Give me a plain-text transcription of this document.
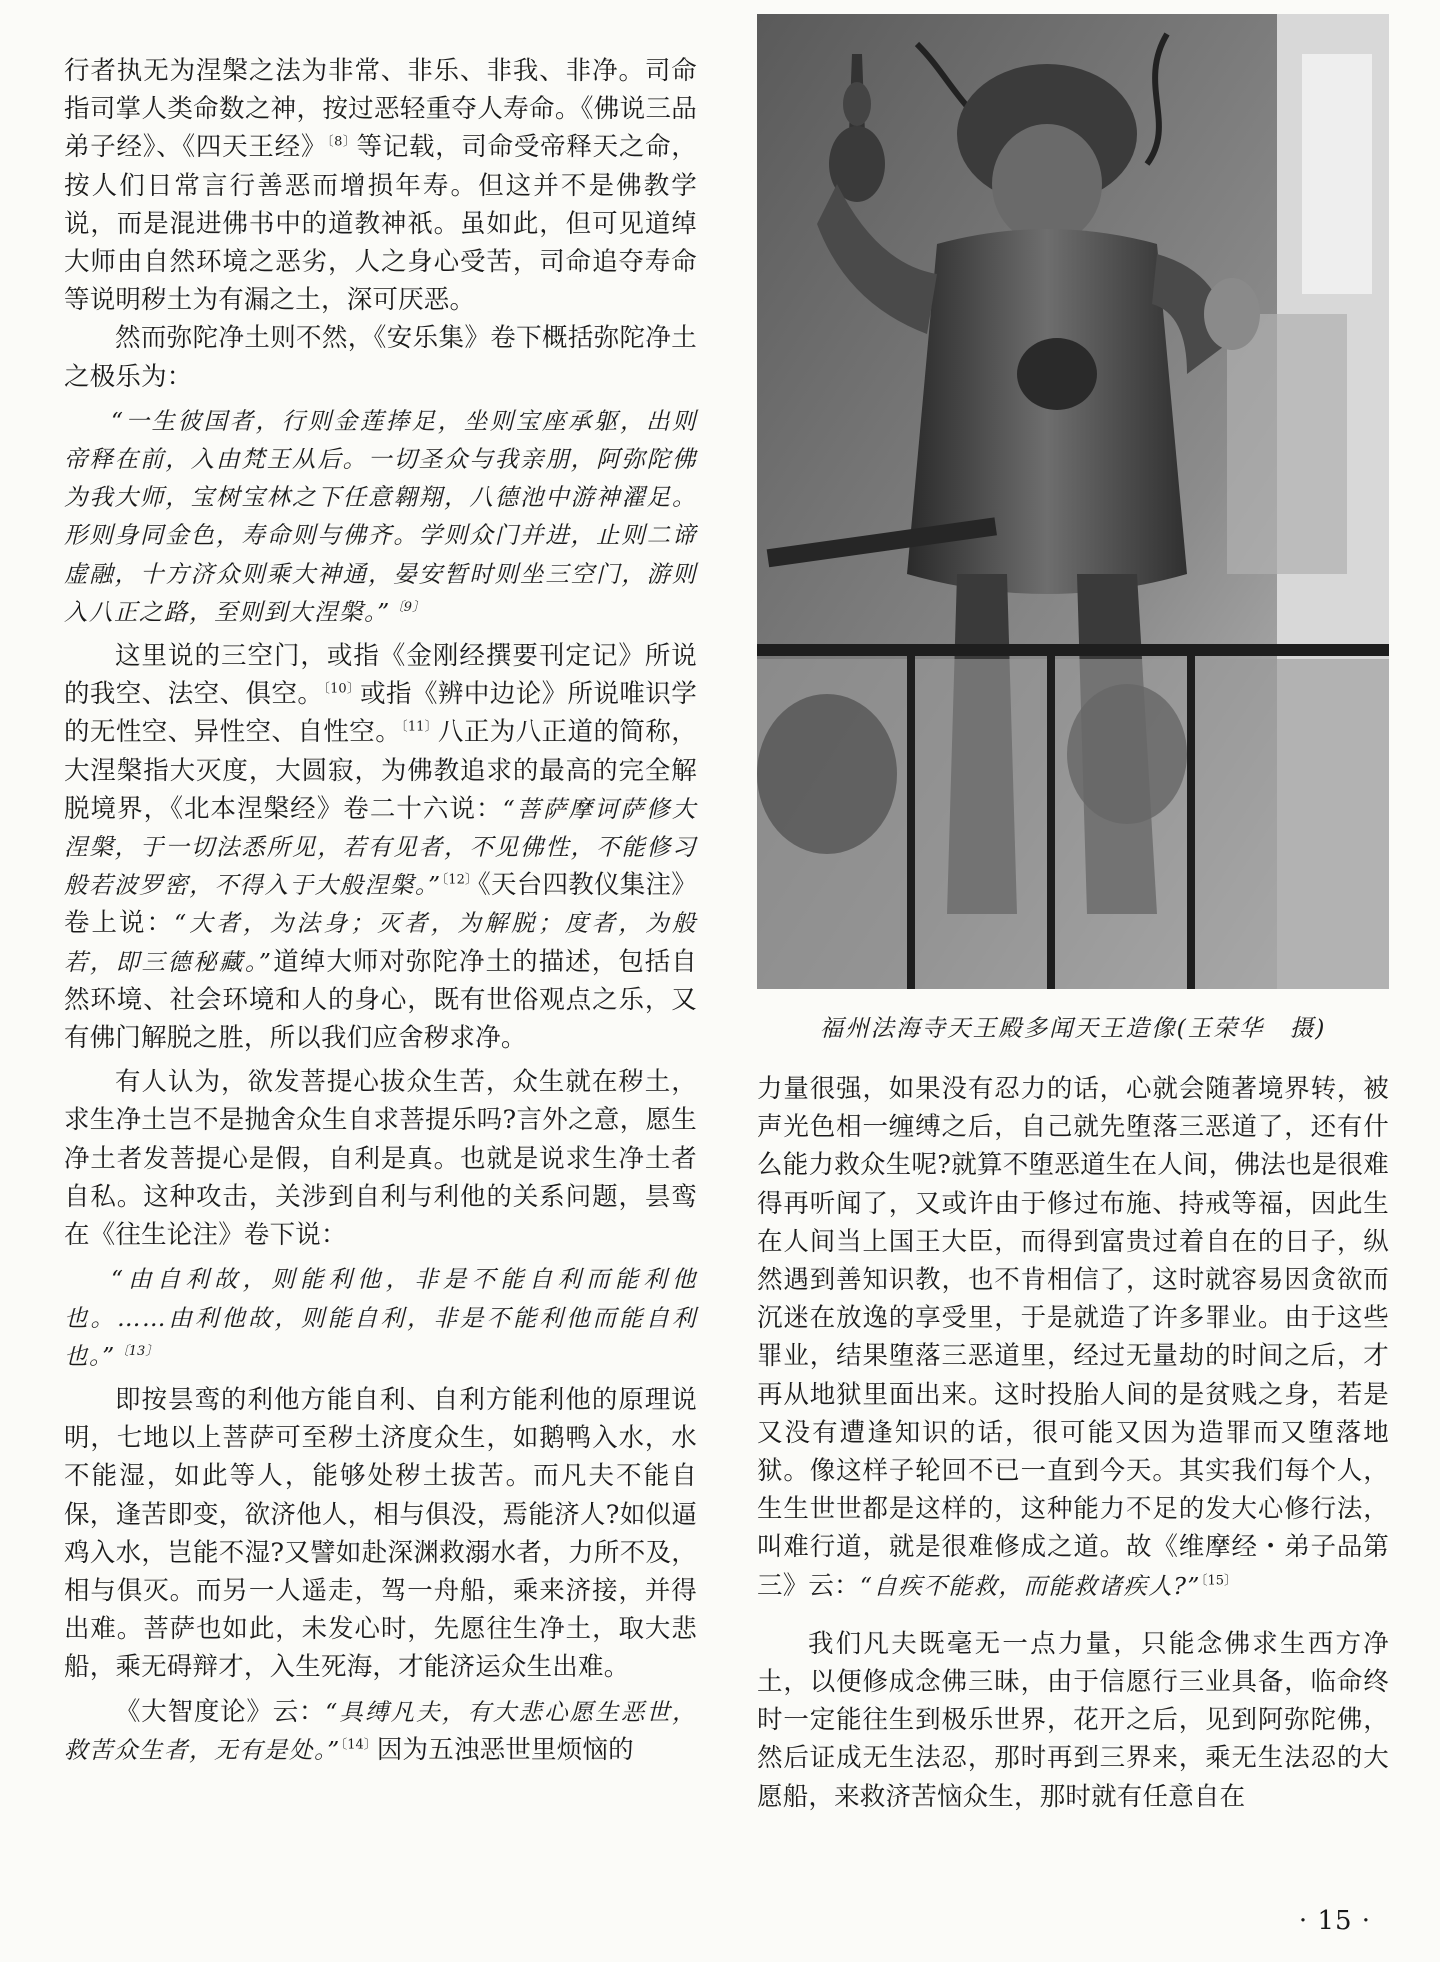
行者执无为涅槃之法为非常、非乐、非我、非净。司命指司掌人类命数之神，按过恶轻重夺人寿命。《佛说三品弟子经》、《四天王经》$^{〔8〕}$等记载，司命受帝释天之命，按人们日常言行善恶而增损年寿。但这并不是佛教学说，而是混进佛书中的道教神祇。虽如此，但可见道绰大师由自然环境之恶劣，人之身心受苦，司命追夺寿命等说明秽土为有漏之土，深可厌恶。

然而弥陀净土则不然，《安乐集》卷下概括弥陀净土之极乐为：

“一生彼国者，行则金莲捧足，坐则宝座承躯，出则帝释在前，入由梵王从后。一切圣众与我亲朋，阿弥陀佛为我大师，宝树宝林之下任意翱翔，八德池中游神濯足。形则身同金色，寿命则与佛齐。学则众门并进，止则二谛虚融，十方济众则乘大神通，晏安暂时则坐三空门，游则入八正之路，至则到大涅槃。”$^{〔9〕}$

这里说的三空门，或指《金刚经撰要刊定记》所说的我空、法空、俱空。$^{〔10〕}$或指《辨中边论》所说唯识学的无性空、异性空、自性空。$^{〔11〕}$八正为八正道的简称，大涅槃指大灭度，大圆寂，为佛教追求的最高的完全解脱境界，《北本涅槃经》卷二十六说：“菩萨摩诃萨修大涅槃，于一切法悉所见，若有见者，不见佛性，不能修习般若波罗密，不得入于大般涅槃。”$^{〔12〕}$《天台四教仪集注》卷上说：“大者，为法身；灭者，为解脱；度者，为般若，即三德秘藏。”道绰大师对弥陀净土的描述，包括自然环境、社会环境和人的身心，既有世俗观点之乐，又有佛门解脱之胜，所以我们应舍秽求净。

有人认为，欲发菩提心拔众生苦，众生就在秽土，求生净土岂不是抛舍众生自求菩提乐吗?言外之意，愿生净土者发菩提心是假，自利是真。也就是说求生净土者自私。这种攻击，关涉到自利与利他的关系问题，昙鸾在《往生论注》卷下说：

“由自利故，则能利他，非是不能自利而能利他也。……由利他故，则能自利，非是不能利他而能自利也。”$^{〔13〕}$

即按昙鸾的利他方能自利、自利方能利他的原理说明，七地以上菩萨可至秽土济度众生，如鹅鸭入水，水不能湿，如此等人，能够处秽土拔苦。而凡夫不能自保，逢苦即变，欲济他人，相与俱没，焉能济人?如似逼鸡入水，岂能不湿?又譬如赴深渊救溺水者，力所不及，相与俱灭。而另一人遥走，驾一舟船，乘来济接，并得出难。菩萨也如此，未发心时，先愿往生净土，取大悲船，乘无碍辩才，入生死海，才能济运众生出难。

《大智度论》云：“具缚凡夫，有大悲心愿生恶世，救苦众生者，无有是处。”$^{〔14〕}$因为五浊恶世里烦恼的

福州法海寺天王殿多闻天王造像(王荣华　摄)

力量很强，如果没有忍力的话，心就会随著境界转，被声光色相一缠缚之后，自己就先堕落三恶道了，还有什么能力救众生呢?就算不堕恶道生在人间，佛法也是很难得再听闻了，又或许由于修过布施、持戒等福，因此生在人间当上国王大臣，而得到富贵过着自在的日子，纵然遇到善知识教，也不肯相信了，这时就容易因贪欲而沉迷在放逸的享受里，于是就造了许多罪业。由于这些罪业，结果堕落三恶道里，经过无量劫的时间之后，才再从地狱里面出来。这时投胎人间的是贫贱之身，若是又没有遭逢知识的话，很可能又因为造罪而又堕落地狱。像这样子轮回不已一直到今天。其实我们每个人，生生世世都是这样的，这种能力不足的发大心修行法，叫难行道，就是很难修成之道。故《维摩经・弟子品第三》云：“自疾不能救，而能救诸疾人?”$^{〔15〕}$

我们凡夫既毫无一点力量，只能念佛求生西方净土，以便修成念佛三昧，由于信愿行三业具备，临命终时一定能往生到极乐世界，花开之后，见到阿弥陀佛，然后证成无生法忍，那时再到三界来，乘无生法忍的大愿船，来救济苦恼众生，那时就有任意自在

· 15 ·
